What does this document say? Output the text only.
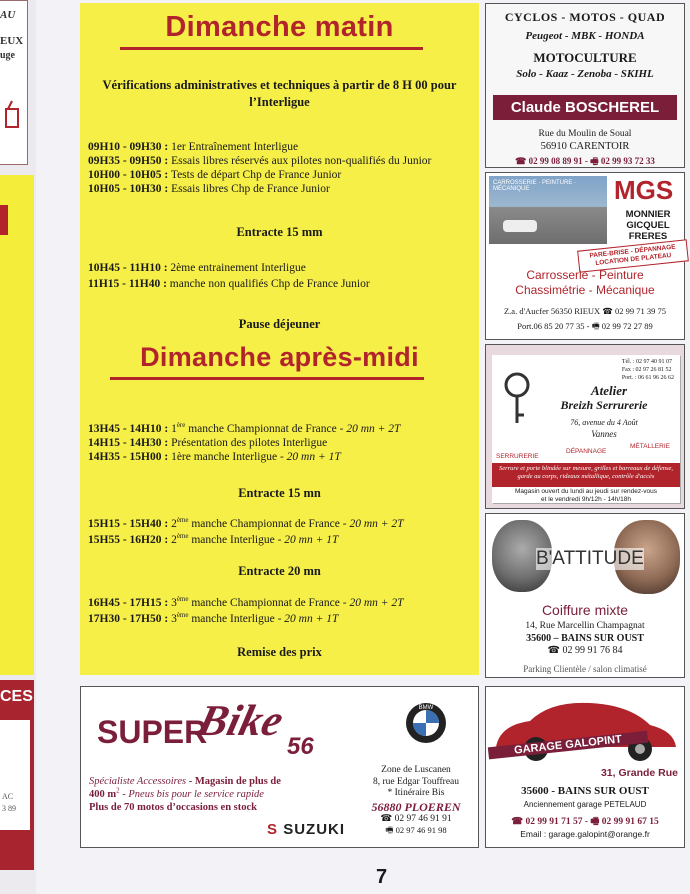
AU
EUX
uge
CES
AC
3 89
Dimanche matin
Vérifications administratives et techniques à partir de 8 H 00 pour l’Interligue
09H10 - 09H30 : 1er Entraînement Interligue
09H35 - 09H50 : Essais libres réservés aux pilotes non-qualifiés du Junior
10H00 - 10H05 : Tests de départ Chp de France Junior
10H05 - 10H30 : Essais libres Chp de France Junior
Entracte 15 mm
10H45 - 11H10 : 2ème entrainement Interligue
11H15 - 11H40 : manche non qualifiés Chp de France Junior
Pause déjeuner
Dimanche après-midi
13H45 - 14H10 : 1ère manche Championnat de France - 20 mn + 2T
14H15 - 14H30 : Présentation des pilotes Interligue
14H35 - 15H00 : 1ère manche Interligue - 20 mn + 1T
Entracte 15 mn
15H15 - 15H40 : 2ème manche Championnat de France - 20 mn + 2T
15H55 - 16H20 : 2ème manche Interligue - 20 mn + 1T
Entracte 20 mn
16H45 - 17H15 : 3ème manche Championnat de France - 20 mn + 2T
17H30 - 17H50 : 3ème manche Interligue - 20 mn + 1T
Remise des prix
CYCLOS - MOTOS - QUAD
Peugeot - MBK - HONDA
MOTOCULTURE
Solo - Kaaz - Zenoba - SKIHL
Claude BOSCHEREL
Rue du Moulin de Soual
56910 CARENTOIR
☎ 02 99 08 89 91 - 🖷 02 99 93 72 33
CARROSSERIE · PEINTURE · MÉCANIQUE	MGS
MONNIER
GICQUEL
FRERES
PARE-BRISE - DÉPANNAGE LOCATION DE PLATEAU
Carrosserie - Peinture
Chassimétrie - Mécanique
Z.a. d'Aucfer 56350 RIEUX ☎ 02 99 71 39 75
Port.06 85 20 77 35 - 🖷 02 99 72 27 89
Tél. : 02 97 40 91 07
Fax : 02 97 26 81 52
Port. : 06 61 96 26 62
Atelier
Breizh Serrurerie
76, avenue du 4 Août
Vannes
SERRURERIE
DÉPANNAGE
MÉTALLERIE
Serrure et porte blindée sur mesure, grilles et barreaux de défense, garde au corps, rideaux métallique, contrôle d'accès
Magasin ouvert du lundi au jeudi sur rendez-vous
et le vendredi 9h/12h - 14h/18h
B'ATTITUDE
Coiffure mixte
14, Rue Marcellin Champagnat
35600 – BAINS SUR OUST
☎ 02 99 91 76 84
Parking Clientèle / salon climatisé
SUPER
Bike
56
BMW
Spécialiste Accessoires - Magasin de plus de
400 $m^2$ - Pneus bis pour le service rapide
Plus de 70 motos d’occasions en stock
Zone de Luscanen
8, rue Edgar Touffreau
* Itinéraire Bis
56880 PLOEREN
☎ 02 97 46 91 91
🖷 02 97 46 91 98
S SUZUKI
GARAGE GALOPINT
31, Grande Rue
35600 - BAINS SUR OUST
Anciennement garage PETELAUD
☎ 02 99 91 71 57 - 🖷 02 99 91 67 15
Email : garage.galopint@orange.fr
7
